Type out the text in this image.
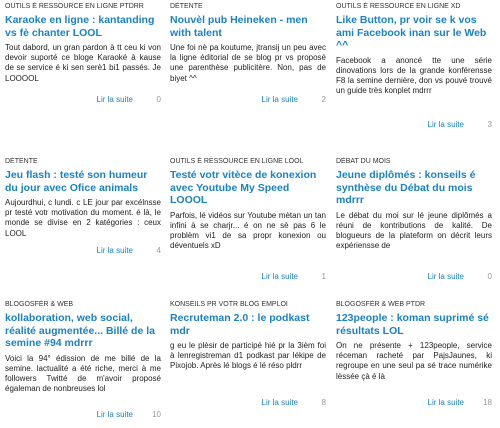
OUTILS É RESSOURCE EN LIGNE PTDRR
Karaoke en ligne : kantanding vs fè chanter LOOL
Tout dabord, un gran pardon à tt ceu ki von devoir suporté ce bloge Karaoké à kause de se service é ki sen serè1 bi1 passés. Je LOOOOL
Lir la suite	0
DÉTENTE
Nouvèl pub Heineken - men with talent
Une foi nè pa koutume, jtransij un peu avec la ligne éditorial de se blog pr vs proposé une parenthèse publicitère. Non, pas de biyet ^^
Lir la suite	2
OUTILS É RESSOURCE EN LIGNE XD
Like Button, pr voir se k vos ami Facebook inan sur le Web ^^
Facebook a anoncé tte une série dinovations lors de la grande konférensse F8 la semine dernière, don vs pouvé trouvé un guide très konplet mdrrr
Lir la suite	3
DÉTENTE
Jeu flash : testé son humeur du jour avec Ofice animals
Aujourdhui, c lundi. c LE jour par excélnsse pr testé votr motivation du moment. é là, le monde se divise en 2 katégories : ceux LOOL
Lir la suite	4
OUTILS É RESSOURCE EN LIGNE LOOL
Testé votr vitèce de konexion avec Youtube My Speed LOOOL
Parfois, lé vidéos sur Youtube mètan un tan infini à se charjr... é on ne sè pas 6 le problèm vi1 de sa propr konexion ou déventuels xD
Lir la suite	1
DÉBAT DU MOIS
Jeune diplômés : konseils é synthèse du Débat du mois mdrrr
Le débat du moi sur lé jeune diplômés a réuni de kontributions de kalité. De blogueurs de la plateform on décrit leurs expériensse de
Lir la suite	0
BLOGOSFÈR & WEB
kollaboration, web social, réalité augmentée... Billé de la semine #94 mdrrr
Voici la 94° édission de me billé de la semine. lactualité a été riche, merci à me followers Twitté de m'avoir proposé égaleman de nonbreuses lol
Lir la suite 10
KONSEILS PR VOTR BLOG EMPLOI
Recruteman 2.0 : le podkast mdr
g eu le plèsir de participé hié pr la 3ièm foi à lenregistreman d1 podkast par lékipe de Pixojob. Après lé blogs é lé réso pldrr
Lir la suite	8
BLOGOSFÈR & WEB PTDR
123people : koman suprimé sé résultats LOL
On ne présente + 123people, service réceman racheté par PajsJaunes, ki regroupe en une seul pa sé trace numérike lèssée çà é là
Lir la suite 18
